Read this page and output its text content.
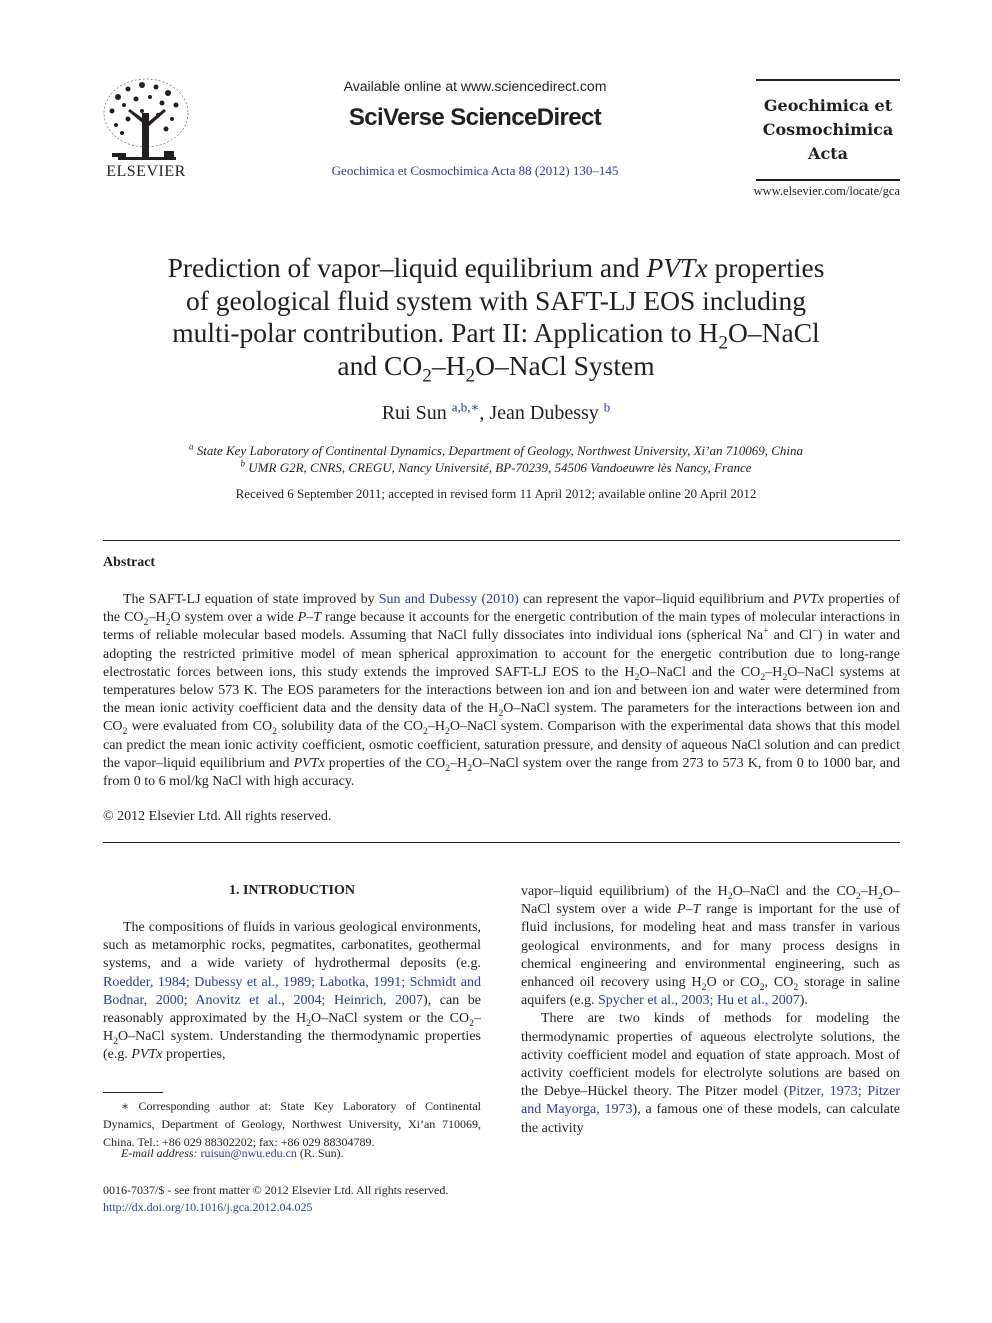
ELSEVIER
Available online at www.sciencedirect.com
SciVerse ScienceDirect
Geochimica et Cosmochimica Acta 88 (2012) 130–145
Geochimica et
Cosmochimica
Acta
www.elsevier.com/locate/gca
Prediction of vapor–liquid equilibrium and PVTx properties
of geological fluid system with SAFT-LJ EOS including
multi-polar contribution. Part II: Application to $H_2O$–NaCl
and $CO_2-H_2O$–NaCl System
Rui Sun $^{a,b,∗}$, Jean Dubessy $^b$
$^a$ State Key Laboratory of Continental Dynamics, Department of Geology, Northwest University, Xi’an 710069, China
$^b$ UMR G2R, CNRS, CREGU, Nancy Université, BP-70239, 54506 Vandoeuwre lès Nancy, France
Received 6 September 2011; accepted in revised form 11 April 2012; available online 20 April 2012
Abstract
The SAFT-LJ equation of state improved by Sun and Dubessy (2010) can represent the vapor–liquid equilibrium and PVTx properties of the $CO_2-H_2O$ system over a wide P–T range because it accounts for the energetic contribution of the main types of molecular interactions in terms of reliable molecular based models. Assuming that NaCl fully dissociates into individual ions (spherical Na+ and Cl−) in water and adopting the restricted primitive model of mean spherical approximation to account for the energetic contribution due to long-range electrostatic forces between ions, this study extends the improved SAFT-LJ EOS to the $H_2O$–NaCl and the $CO_2-H_2O$–NaCl systems at temperatures below 573 K. The EOS parameters for the interactions between ion and ion and between ion and water were determined from the mean ionic activity coefficient data and the density data of the $H_2O$–NaCl system. The parameters for the interactions between ion and $CO_2$ were evaluated from $CO_2$ solubility data of the $CO_2-H_2O$–NaCl system. Comparison with the experimental data shows that this model can predict the mean ionic activity coefficient, osmotic coefficient, saturation pressure, and density of aqueous NaCl solution and can predict the vapor–liquid equilibrium and PVTx properties of the $CO_2-H_2O$–NaCl system over the range from 273 to 573 K, from 0 to 1000 bar, and from 0 to 6 mol/kg NaCl with high accuracy.
© 2012 Elsevier Ltd. All rights reserved.
1. INTRODUCTION
The compositions of fluids in various geological environments, such as metamorphic rocks, pegmatites, carbonatites, geothermal systems, and a wide variety of hydrothermal deposits (e.g. Roedder, 1984; Dubessy et al., 1989; Labotka, 1991; Schmidt and Bodnar, 2000; Anovitz et al., 2004; Heinrich, 2007), can be reasonably approximated by the $H_2O$–NaCl system or the $CO_2-H_2O$–NaCl system. Understanding the thermodynamic properties (e.g. PVTx properties,

vapor–liquid equilibrium) of the $H_2O$–NaCl and the $CO_2-H_2O$–NaCl system over a wide P–T range is important for the use of fluid inclusions, for modeling heat and mass transfer in various geological environments, and for many process designs in chemical engineering and environmental engineering, such as enhanced oil recovery using $H_2O$ or $CO_2$, $CO_2$ storage in saline aquifers (e.g. Spycher et al., 2003; Hu et al., 2007).

There are two kinds of methods for modeling the thermodynamic properties of aqueous electrolyte solutions, the activity coefficient model and equation of state approach. Most of activity coefficient models for electrolyte solutions are based on the Debye–Hückel theory. The Pitzer model (Pitzer, 1973; Pitzer and Mayorga, 1973), a famous one of these models, can calculate the activity

∗ Corresponding author at: State Key Laboratory of Continental Dynamics, Department of Geology, Northwest University, Xi’an 710069, China. Tel.: +86 029 88302202; fax: +86 029 88304789.
E-mail address: ruisun@nwu.edu.cn (R. Sun).
0016-7037/$ - see front matter © 2012 Elsevier Ltd. All rights reserved.
http://dx.doi.org/10.1016/j.gca.2012.04.025
